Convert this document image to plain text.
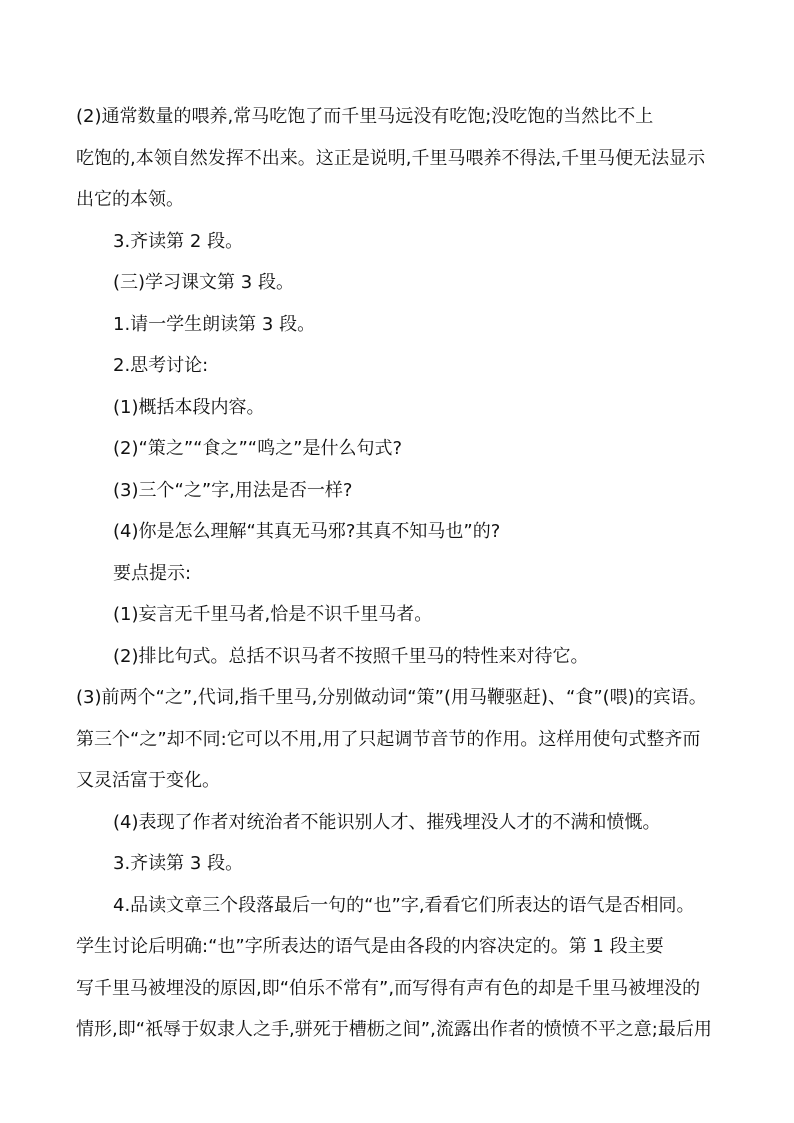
(2)通常数量的喂养,常马吃饱了而千里马远没有吃饱;没吃饱的当然比不上
吃饱的,本领自然发挥不出来。这正是说明,千里马喂养不得法,千里马便无法显示
出它的本领。

3.齐读第 2 段。

(三)学习课文第 3 段。

1.请一学生朗读第 3 段。

2.思考讨论:

(1)概括本段内容。

(2)“策之”“食之”“鸣之”是什么句式?

(3)三个“之”字,用法是否一样?

(4)你是怎么理解“其真无马邪?其真不知马也”的?

要点提示:

(1)妄言无千里马者,恰是不识千里马者。

(2)排比句式。总括不识马者不按照千里马的特性来对待它。

(3)前两个“之”,代词,指千里马,分别做动词“策”(用马鞭驱赶)、“食”(喂)的宾语。
第三个“之”却不同:它可以不用,用了只起调节音节的作用。这样用使句式整齐而
又灵活富于变化。

(4)表现了作者对统治者不能识别人才、摧残埋没人才的不满和愤慨。

3.齐读第 3 段。

4.品读文章三个段落最后一句的“也”字,看看它们所表达的语气是否相同。

学生讨论后明确:“也”字所表达的语气是由各段的内容决定的。第 1 段主要
写千里马被埋没的原因,即“伯乐不常有”,而写得有声有色的却是千里马被埋没的
情形,即“祇辱于奴隶人之手,骈死于槽枥之间”,流露出作者的愤愤不平之意;最后用
